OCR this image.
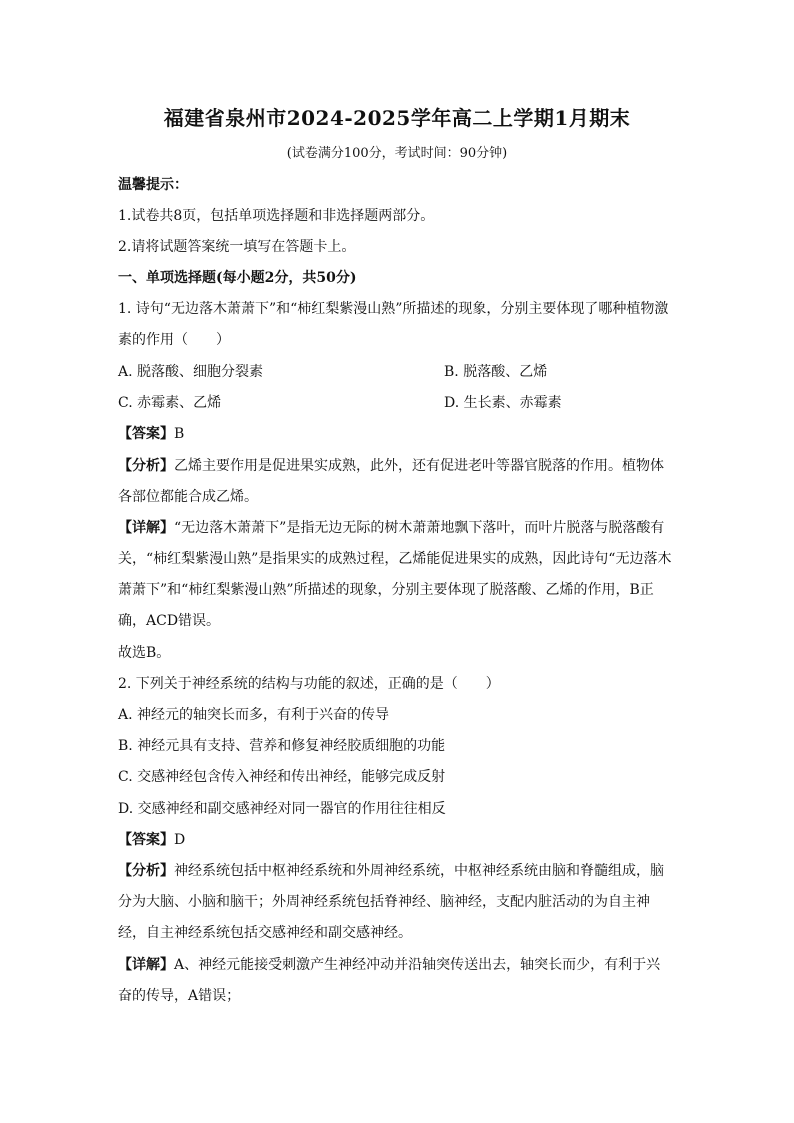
福建省泉州市2024-2025学年高二上学期1月期末
(试卷满分100分，考试时间：90分钟)
温馨提示：
1.试卷共8页，包括单项选择题和非选择题两部分。
2.请将试题答案统一填写在答题卡上。
一、单项选择题(每小题2分，共50分)
1. 诗句“无边落木萧萧下”和“柿红梨紫漫山熟”所描述的现象，分别主要体现了哪种植物激
素的作用（　　）
A. 脱落酸、细胞分裂素	B. 脱落酸、乙烯
C. 赤霉素、乙烯	D. 生长素、赤霉素
【答案】B
【分析】乙烯主要作用是促进果实成熟，此外，还有促进老叶等器官脱落的作用。植物体
各部位都能合成乙烯。
【详解】“无边落木萧萧下”是指无边无际的树木萧萧地飘下落叶，而叶片脱落与脱落酸有
关，“柿红梨紫漫山熟”是指果实的成熟过程，乙烯能促进果实的成熟，因此诗句“无边落木
萧萧下”和“柿红梨紫漫山熟”所描述的现象，分别主要体现了脱落酸、乙烯的作用，B正
确，ACD错误。
故选B。
2. 下列关于神经系统的结构与功能的叙述，正确的是（　　）
A. 神经元的轴突长而多，有利于兴奋的传导
B. 神经元具有支持、营养和修复神经胶质细胞的功能
C. 交感神经包含传入神经和传出神经，能够完成反射
D. 交感神经和副交感神经对同一器官的作用往往相反
【答案】D
【分析】神经系统包括中枢神经系统和外周神经系统，中枢神经系统由脑和脊髓组成，脑
分为大脑、小脑和脑干；外周神经系统包括脊神经、脑神经，支配内脏活动的为自主神
经，自主神经系统包括交感神经和副交感神经。
【详解】A、神经元能接受刺激产生神经冲动并沿轴突传送出去，轴突长而少，有利于兴
奋的传导，A错误；
